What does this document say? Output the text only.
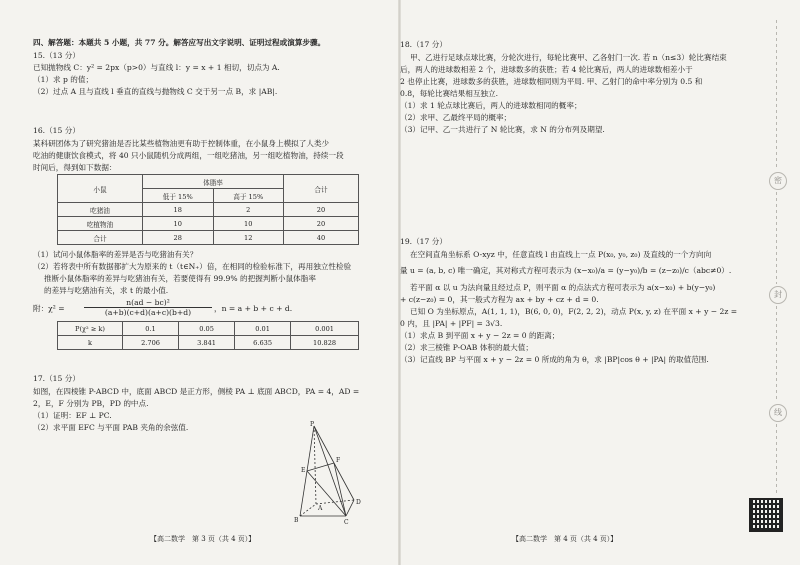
四、解答题：本题共 5 小题，共 77 分。解答应写出文字说明、证明过程或演算步骤。
15.（13 分）
已知抛物线 C：y² = 2px（p>0）与直线 l：y = x + 1 相切，切点为 A.
（1）求 p 的值；
（2）过点 A 且与直线 l 垂直的直线与抛物线 C 交于另一点 B，求 |AB|.
16.（15 分）
某科研团体为了研究猪油是否比某些植物油更有助于控制体重，在小鼠身上模拟了人类少
吃油的健康饮食模式，将 40 只小鼠随机分成两组，一组吃猪油，另一组吃植物油，持续一段
时间后，得到如下数据：
小鼠	体脂率		合计
	低于 15%	高于 15%	
吃猪油	18	2	20
吃植物油	10	10	20
合计	28	12	40
（1）试问小鼠体脂率的差异是否与吃猪油有关？
（2）若将表中所有数据都扩大为原来的 t（t∈N₊）倍，在相同的检验标准下，再用独立性检验
推断小鼠体脂率的差异与吃猪油有关，若要使得有 99.9% 的把握判断小鼠体脂率
的差异与吃猪油有关，求 t 的最小值.
附：χ² =
n(ad − bc)²
(a+b)(c+d)(a+c)(b+d)	，n = a + b + c + d.
P(χ² ≥ k)	0.1	0.05	0.01	0.001
k	2.706	3.841	6.635	10.828
17.（15 分）
如图，在四棱锥 P-ABCD 中，底面 ABCD 是正方形，侧棱 PA ⊥ 底面 ABCD，PA = 4，AD =
2，E，F 分别为 PB，PD 的中点.
（1）证明：EF ⊥ PC.
（2）求平面 EFC 与平面 PAB 夹角的余弦值.	P
A
B	C
D
E
F
【高二数学　第 3 页（共 4 页）】
18.（17 分）
甲、乙进行足球点球比赛，分轮次进行，每轮比赛甲、乙各射门一次. 若 n（n≤3）轮比赛结束
后，两人的进球数相差 2 个，进球数多的获胜；若 4 轮比赛后，两人的进球数相差小于
2 也停止比赛，进球数多的获胜，进球数相同则为平局. 甲、乙射门的命中率分别为 0.5 和
0.8，每轮比赛结果相互独立.
（1）求 1 轮点球比赛后，两人的进球数相同的概率；
（2）求甲、乙最终平局的概率；
（3）记甲、乙一共进行了 N 轮比赛，求 N 的分布列及期望.
19.（17 分）
在空间直角坐标系 O-xyz 中，任意直线 l 由直线上一点 P(x₀, y₀, z₀) 及直线的一个方向向
量 u = (a, b, c) 唯一确定，其对称式方程可表示为 (x−x₀)/a = (y−y₀)/b = (z−z₀)/c（abc≠0）.
若平面 α 以 u 为法向量且经过点 P，则平面 α 的点法式方程可表示为 a(x−x₀) + b(y−y₀)
+ c(z−z₀) = 0，其一般式方程为 ax + by + cz + d = 0.
已知 O 为坐标原点，A(1, 1, 1)，B(6, 0, 0)，F(2, 2, 2)，动点 P(x, y, z) 在平面 x + y − 2z =
0 内，且 |PA| + |PF| = 3√3.
（1）求点 B 到平面 x + y − 2z = 0 的距离；
（2）求三棱锥 P-OAB 体积的最大值；
（3）记直线 BP 与平面 x + y − 2z = 0 所成的角为 θ，求 |BP|cos θ + |PA| 的取值范围.
【高二数学　第 4 页（共 4 页）】
密
封
线
